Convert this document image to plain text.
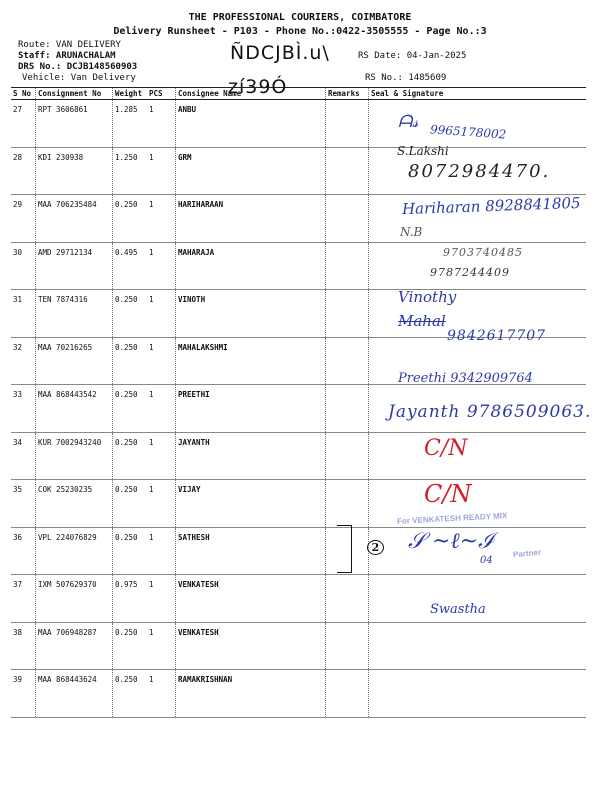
THE PROFESSIONAL COURIERS, COIMBATORE
Delivery Runsheet - P103 - Phone No.:0422-3505555 - Page No.:3
Route: VAN DELIVERY
Staff: ARUNACHALAM
DRS No.: DCJB148560903
Vehicle: Van Delivery
RS Date: 04-Jan-2025
RS No.: 1485609
ÑDCJBÌ.u\
zí39Ó
S No	Consignment No	Weight	PCS	Consignee Name	Remarks	Seal & Signature
27	RPT 3606861	1.285	1	ANBU		
28	KDI 230938	1.250	1	GRM		
29	MAA 706235484	0.250	1	HARIHARAAN		
30	AMD 29712134	0.495	1	MAHARAJA		
31	TEN 7874316	0.250	1	VINOTH		
32	MAA 70216265	0.250	1	MAHALAKSHMI		
33	MAA 868443542	0.250	1	PREETHI		
34	KUR 7002943240	0.250	1	JAYANTH		
35	COK 25230235	0.250	1	VIJAY		
36	VPL 224076829	0.250	1	SATHESH		
37	IXM 507629370	0.975	1	VENKATESH		
38	MAA 706948287	0.250	1	VENKATESH		
39	MAA 868443624	0.250	1	RAMAKRISHNAN		
9965178002
ᗩ𝓈
S.Lakshi
8072984470.
Hariharan 8928841805
N.B
9703740485
9787244409
Vinothy
Mahal
9842617707
Preethi 9342909764
Jayanth 9786509063.
C/N
C/N
For VENKATESH READY MIX
Partner
2 𝒮 ~ℓ~ℐ
04
Swastha
